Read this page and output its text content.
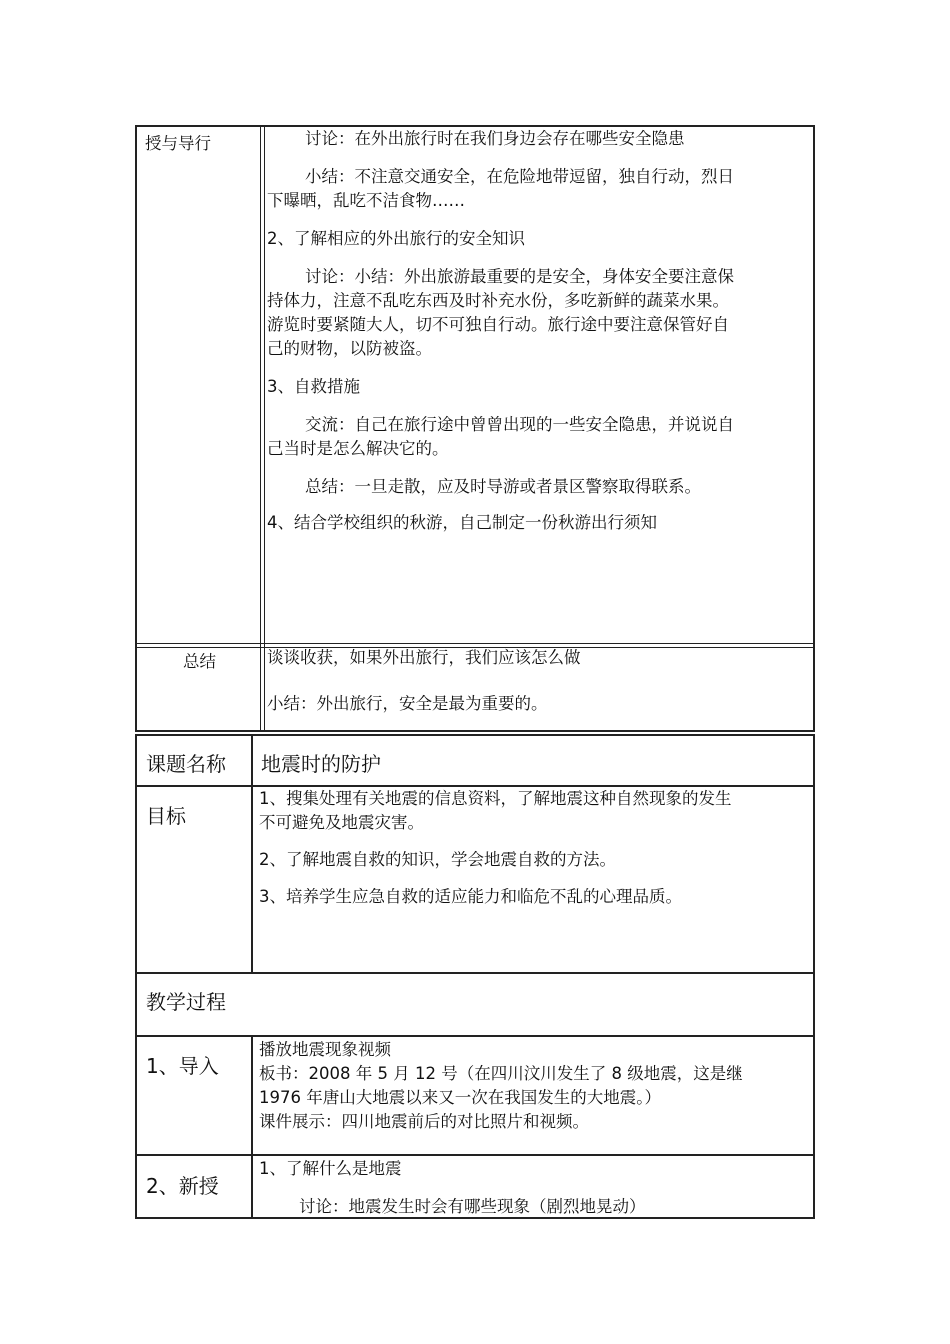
授与导行	讨论：在外出旅行时在我们身边会存在哪些安全隐患
小结：不注意交通安全，在危险地带逗留，独自行动，烈日
下曝晒，乱吃不洁食物……
2、了解相应的外出旅行的安全知识
讨论：小结：外出旅游最重要的是安全，身体安全要注意保
持体力，注意不乱吃东西及时补充水份，多吃新鲜的蔬菜水果。
游览时要紧随大人，切不可独自行动。旅行途中要注意保管好自
己的财物，以防被盗。
3、自救措施
交流：自己在旅行途中曾曾出现的一些安全隐患，并说说自
己当时是怎么解决它的。
总结：一旦走散，应及时导游或者景区警察取得联系。
4、结合学校组织的秋游，自己制定一份秋游出行须知
总结	谈谈收获，如果外出旅行，我们应该怎么做
小结：外出旅行，安全是最为重要的。
课题名称 地震时的防护
目标
1、搜集处理有关地震的信息资料，了解地震这种自然现象的发生
不可避免及地震灾害。
2、了解地震自救的知识，学会地震自救的方法。
3、培养学生应急自救的适应能力和临危不乱的心理品质。
教学过程
1、导入
播放地震现象视频
板书：2008 年 5 月 12 号（在四川汶川发生了 8 级地震，这是继
1976 年唐山大地震以来又一次在我国发生的大地震。）
课件展示：四川地震前后的对比照片和视频。
2、新授
1、了解什么是地震
讨论：地震发生时会有哪些现象（剧烈地晃动）
